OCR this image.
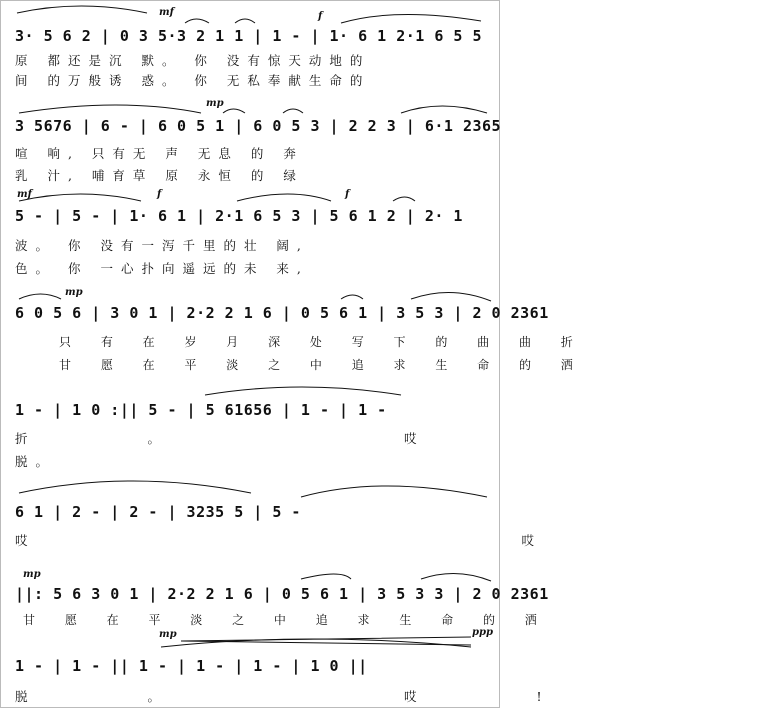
mf	f
3· 5 6 2 | 0 3 5·3 2 1 1 | 1 - | 1· 6 1 2·1 6 5 5
原 都还是沉 默。 你 没有惊天动地的
间 的万般诱 惑。 你 无私奉献生命的
mp
3 5676 | 6 - | 6 0 5 1 | 6 0 5 3 | 2 2 3 | 6·1 2365
喧 响, 只有无 声 无息 的 奔
乳 汁, 哺育草 原 永恒 的 绿
mf	f	f
5 - | 5 - | 1· 6 1 | 2·1 6 5 3 | 5 6 1 2 | 2· 1
波。 你 没有一泻千里的壮 阔,
色。 你 一心扑向遥远的未 来,
mp
6 0 5 6 | 3 0 1 | 2·2 2 1 6 | 0 5 6 1 | 3 5 3 | 2 0 2361
只 有 在 岁 月 深 处 写 下 的 曲 曲 折
甘 愿 在 平 淡 之 中 追 求 生 命 的 洒
1 - | 1 0 :|| 5 - | 5 61656 | 1 - | 1 -
折。 哎
脱。
6 1 | 2 - | 2 - | 3235 5 | 5 -
哎 哎
mp
||: 5 6 3 0 1 | 2·2 2 1 6 | 0 5 6 1 | 3 5 3 3 | 2 0 2361
甘 愿 在 平 淡 之 中 追 求 生 命 的 洒
mp	ppp
1 - | 1 - || 1 - | 1 - | 1 - | 1 0 ||
脱。 哎!
